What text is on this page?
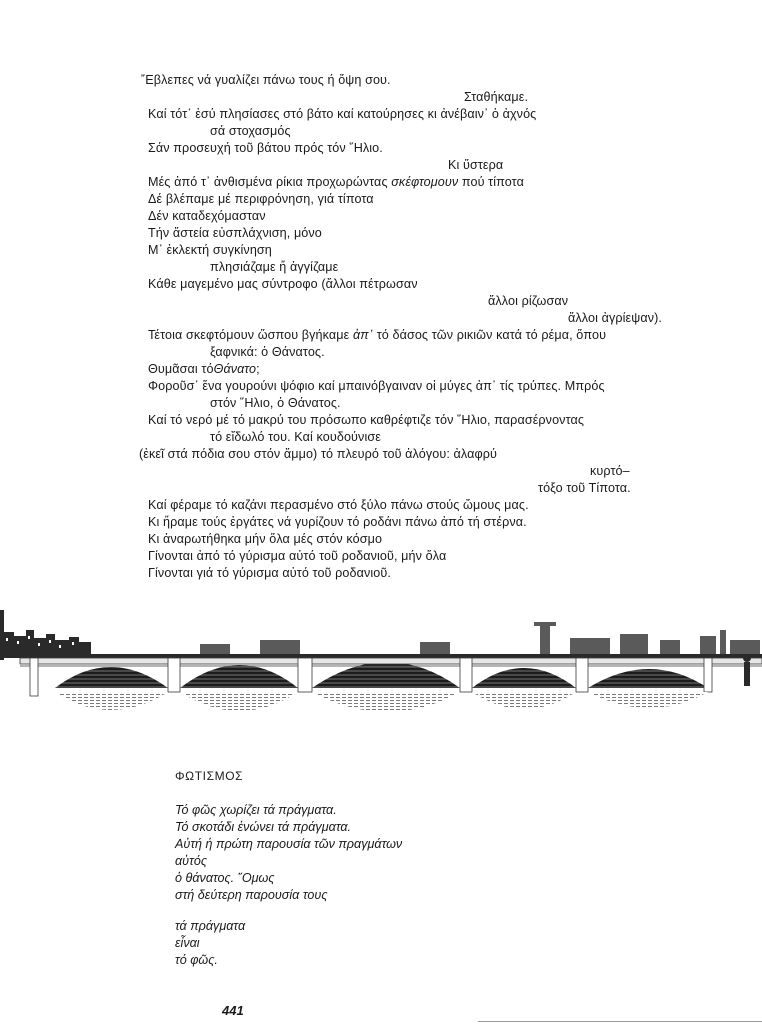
῎Εβλεπες νά γυαλίζει πάνω τους ή ὄψη σου.
Σταθήκαμε.
Καί τότ᾽ ἐσύ πλησίασες στό βάτο καί κατούρησες κι ἀνέβαιν᾽ ὁ ἀχνός
σά στοχασμός
Σάν προσευχή τοῦ βάτου πρός τόν ῞Ηλιο.
Κι ὕστερα
Μές ἀπό τ᾽ ἀνθισμένα ρίκια προχωρώντας σκέφτομουν πού τίποτα
Δέ βλέπαμε μέ περιφρόνηση, γιά τίποτα
Δέν καταδεχόμασταν
Τήν ἄστεία εὐσπλάχνιση, μόνο
Μ᾽ ἐκλεκτή συγκίνηση
πλησιάζαμε ἤ ἀγγίζαμε
Κάθε μαγεμένο μας σύντροφο (ἄλλοι πέτρωσαν
ἄλλοι ρίζωσαν
ἄλλοι ἀγρίεψαν).
Τέτοια σκεφτόμουν ὥσπου βγήκαμε ἀπ᾽ τό δάσος τῶν ρικιῶν κατά τό ρέμα, ὅπου
ξαφνικά: ὁ Θάνατος.
Θυμᾶσαι τόΘάνατο;
Φοροῦσ᾽ ἕνα γουρούνι ψόφιο καί μπαινόβγαιναν οἱ μύγες ἀπ᾽ τίς τρύπες. Μπρός
στόν ῞Ηλιο, ὁ Θάνατος.
Καί τό νερό μέ τό μακρύ του πρόσωπο καθρέφτιζε τόν ῞Ηλιο, παρασέρνοντας
τό εἴδωλό του. Καί κουδούνισε
(ἐκεῖ στά πόδια σου στόν ἄμμο) τό πλευρό τοῦ ἀλόγου: ἀλαφρύ
κυρτό–
τόξο τοῦ Τίποτα.
Καί φέραμε τό καζάνι περασμένο στό ξύλο πάνω στούς ὤμους μας.
Κι ἤραμε τούς ἐργάτες νά γυρίζουν τό ροδάνι πάνω ἀπό τή στέρνα.
Κι ἀναρωτήθηκα μήν ὅλα μές στόν κόσμο
Γίνονται ἀπό τό γύρισμα αὐτό τοῦ ροδανιοῦ, μήν ὅλα
Γίνονται γιά τό γύρισμα αὐτό τοῦ ροδανιοῦ.
ΦΩΤΙΣΜΟΣ
Τό φῶς χωρίζει τά πράγματα.
Τό σκοτάδι ἑνώνει τά πράγματα.
Αὐτή ἡ πρώτη παρουσία τῶν πραγμάτων
αὐτός
ὁ θάνατος. ῞Ομως
στή δεύτερη παρουσία τους
τά πράγματα
εἶναι
τό φῶς.
441
